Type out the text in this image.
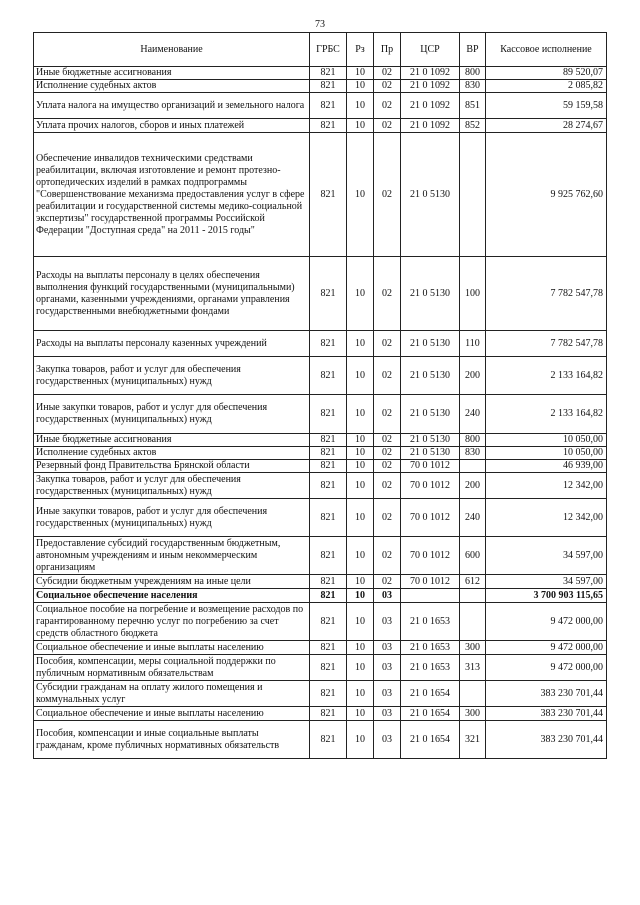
73
Наименование	ГРБС	Рз	Пр	ЦСР	ВР	Кассовое исполнение
Иные бюджетные ассигнования	821	10	02	21 0 1092	800	89 520,07
Исполнение судебных актов	821	10	02	21 0 1092	830	2 085,82
Уплата налога на имущество организаций и земельного налога	821	10	02	21 0 1092	851	59 159,58
Уплата прочих налогов, сборов и иных платежей	821	10	02	21 0 1092	852	28 274,67
Обеспечение инвалидов техническими средствами реабилитации, включая изготовление и ремонт протезно-ортопедических изделий в рамках подпрограммы "Совершенствование механизма предоставления услуг в сфере реабилитации и государственной системы медико-социальной экспертизы" государственной программы Российской Федерации "Доступная среда" на 2011 - 2015 годы"	821	10	02	21 0 5130		9 925 762,60
Расходы на выплаты персоналу в целях обеспечения выполнения функций государственными (муниципальными) органами, казенными учреждениями, органами управления государственными внебюджетными фондами	821	10	02	21 0 5130	100	7 782 547,78
Расходы на выплаты персоналу казенных учреждений	821	10	02	21 0 5130	110	7 782 547,78
Закупка товаров, работ и услуг для обеспечения государственных (муниципальных) нужд	821	10	02	21 0 5130	200	2 133 164,82
Иные закупки товаров, работ и услуг для обеспечения государственных (муниципальных) нужд	821	10	02	21 0 5130	240	2 133 164,82
Иные бюджетные ассигнования	821	10	02	21 0 5130	800	10 050,00
Исполнение судебных актов	821	10	02	21 0 5130	830	10 050,00
Резервный фонд Правительства Брянской области	821	10	02	70 0 1012		46 939,00
Закупка товаров, работ и услуг для обеспечения государственных (муниципальных) нужд	821	10	02	70 0 1012	200	12 342,00
Иные закупки товаров, работ и услуг для обеспечения государственных (муниципальных) нужд	821	10	02	70 0 1012	240	12 342,00
Предоставление субсидий государственным бюджетным, автономным учреждениям и иным некоммерческим организациям	821	10	02	70 0 1012	600	34 597,00
Субсидии бюджетным учреждениям на иные цели	821	10	02	70 0 1012	612	34 597,00
Социальное обеспечение населения	821	10	03			3 700 903 115,65
Социальное пособие на погребение и возмещение расходов по гарантированному перечню услуг по погребению за счет средств областного бюджета	821	10	03	21 0 1653		9 472 000,00
Социальное обеспечение и иные выплаты населению	821	10	03	21 0 1653	300	9 472 000,00
Пособия, компенсации, меры социальной поддержки по публичным нормативным обязательствам	821	10	03	21 0 1653	313	9 472 000,00
Субсидии гражданам на оплату жилого помещения и коммунальных услуг	821	10	03	21 0 1654		383 230 701,44
Социальное обеспечение и иные выплаты населению	821	10	03	21 0 1654	300	383 230 701,44
Пособия, компенсации и иные социальные выплаты гражданам, кроме публичных нормативных обязательств	821	10	03	21 0 1654	321	383 230 701,44
